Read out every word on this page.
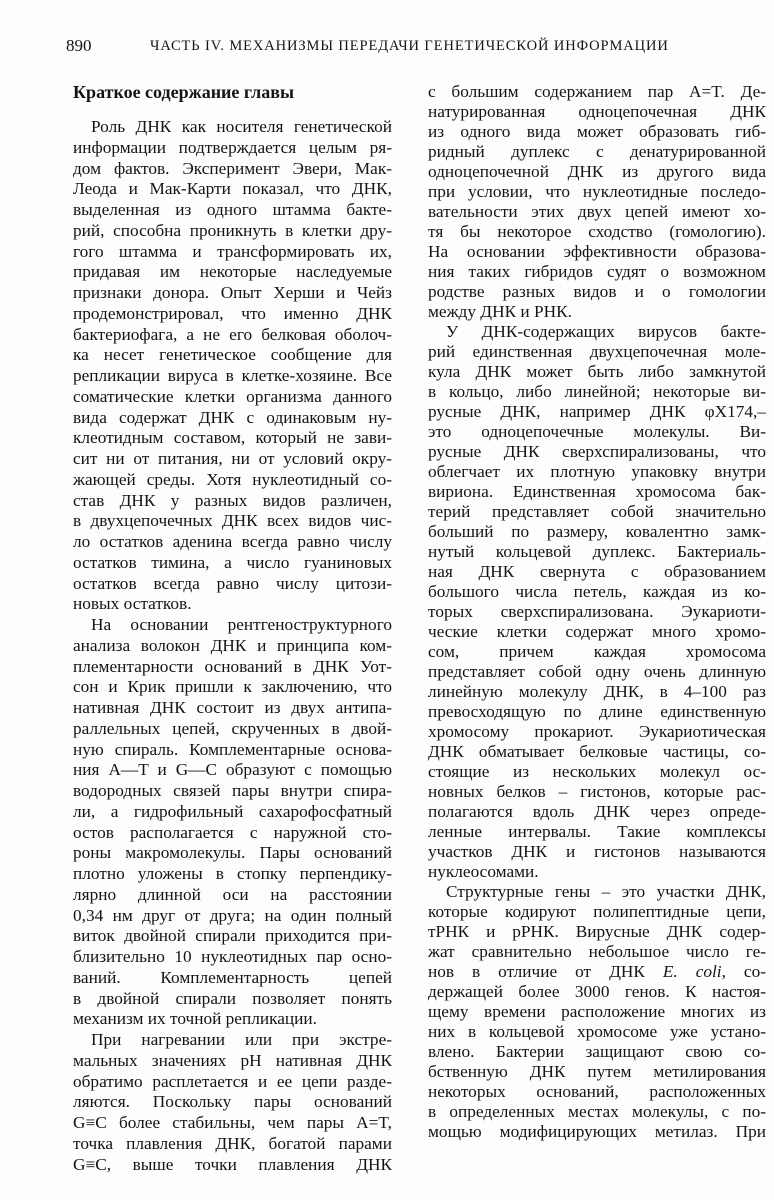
890	ЧАСТЬ IV. МЕХАНИЗМЫ ПЕРЕДАЧИ ГЕНЕТИЧЕСКОЙ ИНФОРМАЦИИ
Краткое содержание главы
Роль ДНК как носителя генетической
информации подтверждается целым ря-
дом фактов. Эксперимент Эвери, Мак-
Леода и Мак-Карти показал, что ДНК,
выделенная из одного штамма бакте-
рий, способна проникнуть в клетки дру-
гого штамма и трансформировать их,
придавая им некоторые наследуемые
признаки донора. Опыт Херши и Чейз
продемонстрировал, что именно ДНК
бактериофага, а не его белковая оболоч-
ка несет генетическое сообщение для
репликации вируса в клетке-хозяине. Все
соматические клетки организма данного
вида содержат ДНК с одинаковым ну-
клеотидным составом, который не зави-
сит ни от питания, ни от условий окру-
жающей среды. Хотя нуклеотидный со-
став ДНК у разных видов различен,
в двухцепочечных ДНК всех видов чис-
ло остатков аденина всегда равно числу
остатков тимина, а число гуаниновых
остатков всегда равно числу цитози-
новых остатков.
На основании рентгеноструктурного
анализа волокон ДНК и принципа ком-
плементарности оснований в ДНК Уот-
сон и Крик пришли к заключению, что
нативная ДНК состоит из двух антипа-
раллельных цепей, скрученных в двой-
ную спираль. Комплементарные основа-
ния A—T и G—C образуют с помощью
водородных связей пары внутри спира-
ли, а гидрофильный сахарофосфатный
остов располагается с наружной сто-
роны макромолекулы. Пары оснований
плотно уложены в стопку перпендику-
лярно длинной оси на расстоянии
0,34 нм друг от друга; на один полный
виток двойной спирали приходится при-
близительно 10 нуклеотидных пар осно-
ваний. Комплементарность цепей
в двойной спирали позволяет понять
механизм их точной репликации.
При нагревании или при экстре-
мальных значениях pH нативная ДНК
обратимо расплетается и ее цепи разде-
ляются. Поскольку пары оснований
G≡C более стабильны, чем пары A=T,
точка плавления ДНК, богатой парами
G≡C, выше точки плавления ДНК
с большим содержанием пар A=T. Де-
натурированная одноцепочечная ДНК
из одного вида может образовать гиб-
ридный дуплекс с денатурированной
одноцепочечной ДНК из другого вида
при условии, что нуклеотидные последо-
вательности этих двух цепей имеют хо-
тя бы некоторое сходство (гомологию).
На основании эффективности образова-
ния таких гибридов судят о возможном
родстве разных видов и о гомологии
между ДНК и РНК.
У ДНК-содержащих вирусов бакте-
рий единственная двухцепочечная моле-
кула ДНК может быть либо замкнутой
в кольцо, либо линейной; некоторые ви-
русные ДНК, например ДНК φX174,–
это одноцепочечные молекулы. Ви-
русные ДНК сверхспирализованы, что
облегчает их плотную упаковку внутри
вириона. Единственная хромосома бак-
терий представляет собой значительно
больший по размеру, ковалентно замк-
нутый кольцевой дуплекс. Бактериаль-
ная ДНК свернута с образованием
большого числа петель, каждая из ко-
торых сверхспирализована. Эукариоти-
ческие клетки содержат много хромо-
сом, причем каждая хромосома
представляет собой одну очень длинную
линейную молекулу ДНК, в 4–100 раз
превосходящую по длине единственную
хромосому прокариот. Эукариотическая
ДНК обматывает белковые частицы, со-
стоящие из нескольких молекул ос-
новных белков – гистонов, которые рас-
полагаются вдоль ДНК через опреде-
ленные интервалы. Такие комплексы
участков ДНК и гистонов называются
нуклеосомами.
Структурные гены – это участки ДНК,
которые кодируют полипептидные цепи,
тРНК и рРНК. Вирусные ДНК содер-
жат сравнительно небольшое число ге-
нов в отличие от ДНК E. coli, со-
держащей более 3000 генов. К настоя-
щему времени расположение многих из
них в кольцевой хромосоме уже устано-
влено. Бактерии защищают свою со-
бственную ДНК путем метилирования
некоторых оснований, расположенных
в определенных местах молекулы, с по-
мощью модифицирующих метилаз. При
